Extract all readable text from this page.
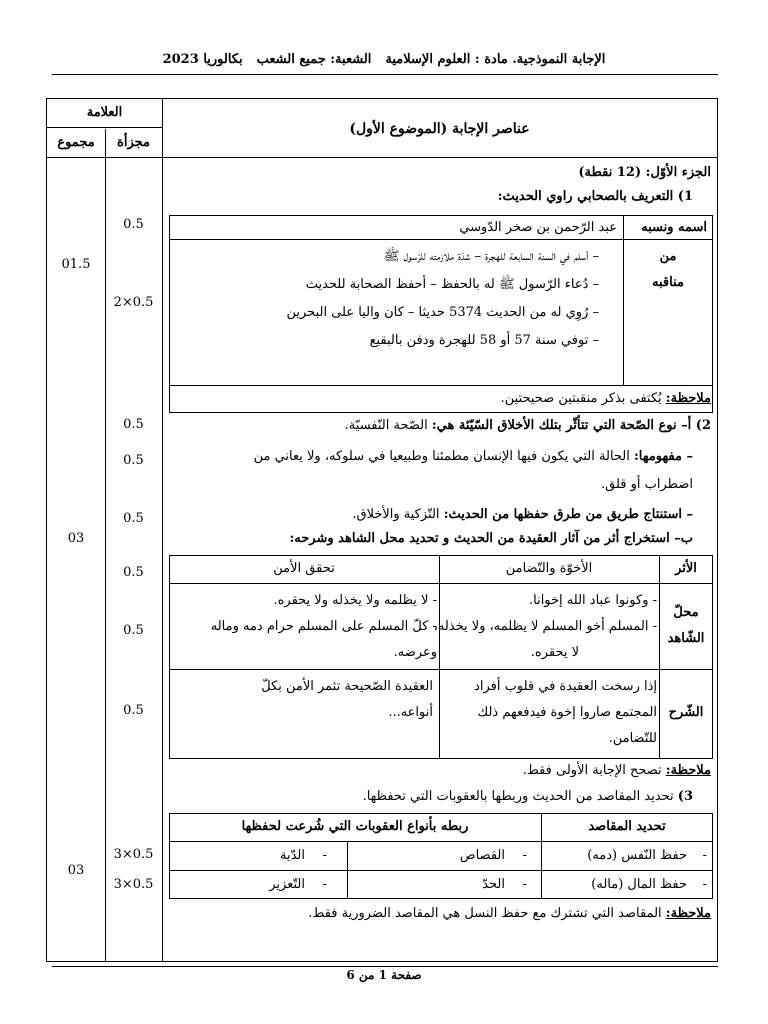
الإجابة النموذجية. مادة : العلوم الإسلاميةالشعبة: جميع الشعببكالوريا 2023
العلامة
عناصر الإجابة (الموضوع الأول)
مجزأة
مجموع
الجزء الأوّل: (12 نقطة)
1) التعريف بالصحابي راوي الحديث:
اسمه ونسبه
عبد الرّحمن بن صخر الدّوسي
من
مناقبه
– أسلم في السنة السابعة للهجرة – شدّة ملازمته للرّسول ﷺ
– دُعاء الرّسول ﷺ له بالحفظ – أحفظ الصحابة للحديث
– رُوِي له من الحديث 5374 حديثا – كان واليا على البحرين
– توفي سنة 57 أو 58 للهجرة ودفن بالبقيع
ملاحظة: يُكتفى بذكر منقبتين صحيحتين.
2) أ– نوع الصّحة التي تتأثّر بتلك الأخلاق السّيّئة هي: الصّحة النّفسيّة.
– مفهومها: الحالة التي يكون فيها الإنسان مطمئنا وطبيعيا في سلوكه، ولا يعاني من
اضطراب أو قلق.
– استنتاج طريق من طرق حفظها من الحديث: التّزكية والأخلاق.
ب– استخراج أثر من آثار العقيدة من الحديث و تحديد محل الشاهد وشرحه:
الأثر
الأخوّة والتّضامن
تحقق الأمن
محلّ
الشّاهد
- وكونوا عباد الله إخوانا.
- المسلم أخو المسلم لا يظلمه، ولا يخذله،
لا يحقره.
- لا يظلمه ولا يخذله ولا يحقره.
- كلّ المسلم على المسلم حرام دمه وماله
وعرضه.
الشّرح
إذا رسخت العقيدة في قلوب أفراد
المجتمع صاروا إخوة فيدفعهم ذلك
للتّضامن.
العقيدة الصّحيحة تثمر الأمن بكلّ
أنواعه...
ملاحظة: تصحح الإجابة الأولى فقط.
3) تحديد المقاصد من الحديث وربطها بالعقوبات التي تحفظها.
تحديد المقاصد
ربطه بأنواع العقوبات التي شُرعت لحفظها
-
حفظ النّفس (دمه)
-
القصاص
-
الدّية
-
حفظ المال (ماله)
-
الحدّ
-
التّعزير
ملاحظة: المقاصد التي تشترك مع حفظ النسل هي المقاصد الضرورية فقط.
0.5
2×0.5
01.5
0.5
0.5
0.5
0.5
0.5
0.5
03
3×0.5
3×0.5
03
صفحة 1 من 6
